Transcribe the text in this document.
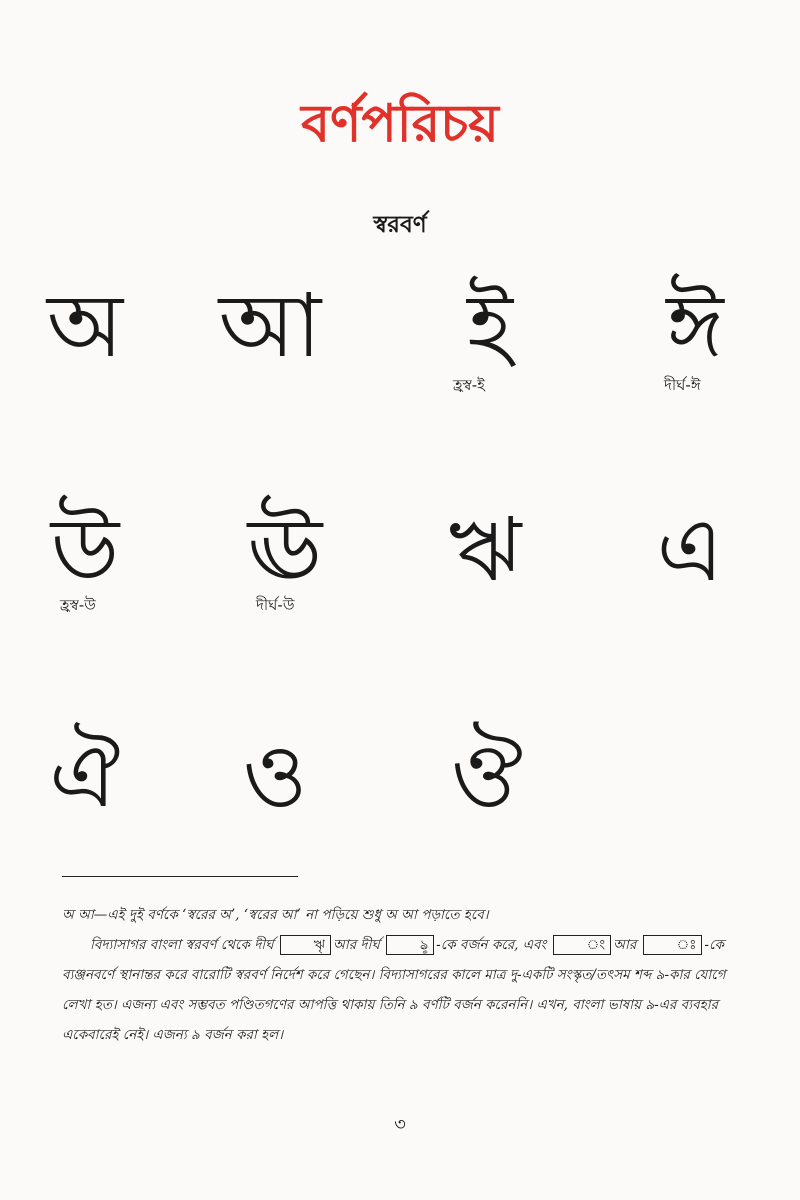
বর্ণপরিচয়
স্বরবর্ণ
অ	আ	ই
হ্রস্ব-ই
ঈ
দীর্ঘ-ঈ
উ
হ্রস্ব-উ
ঊ
দীর্ঘ-উ
ঋ	এ
ঐ	ও	ঔ

অ আ—এই দুই বর্ণকে ‘স্বরের অ’, ‘স্বরের আ’ না পড়িয়ে শুধু অ আ পড়াতে হবে।

বিদ্যাসাগর বাংলা স্বরবর্ণ থেকে দীর্ঘ	ৠ আর দীর্ঘ	ৡ -কে বর্জন করে, এবং	ং আর	ঃ -কে ব্যঞ্জনবর্ণে স্থানান্তর করে বারোটি স্বরবর্ণ নির্দেশ করে গেছেন। বিদ্যাসাগরের কালে মাত্র দু-একটি সংস্কৃত/তৎসম শব্দ ৯-কার যোগে লেখা হত। এজন্য এবং সম্ভবত পণ্ডিতগণের আপত্তি থাকায় তিনি ৯ বর্ণটি বর্জন করেননি। এখন, বাংলা ভাষায় ৯-এর ব্যবহার একেবারেই নেই। এজন্য ৯ বর্জন করা হল।

৩
